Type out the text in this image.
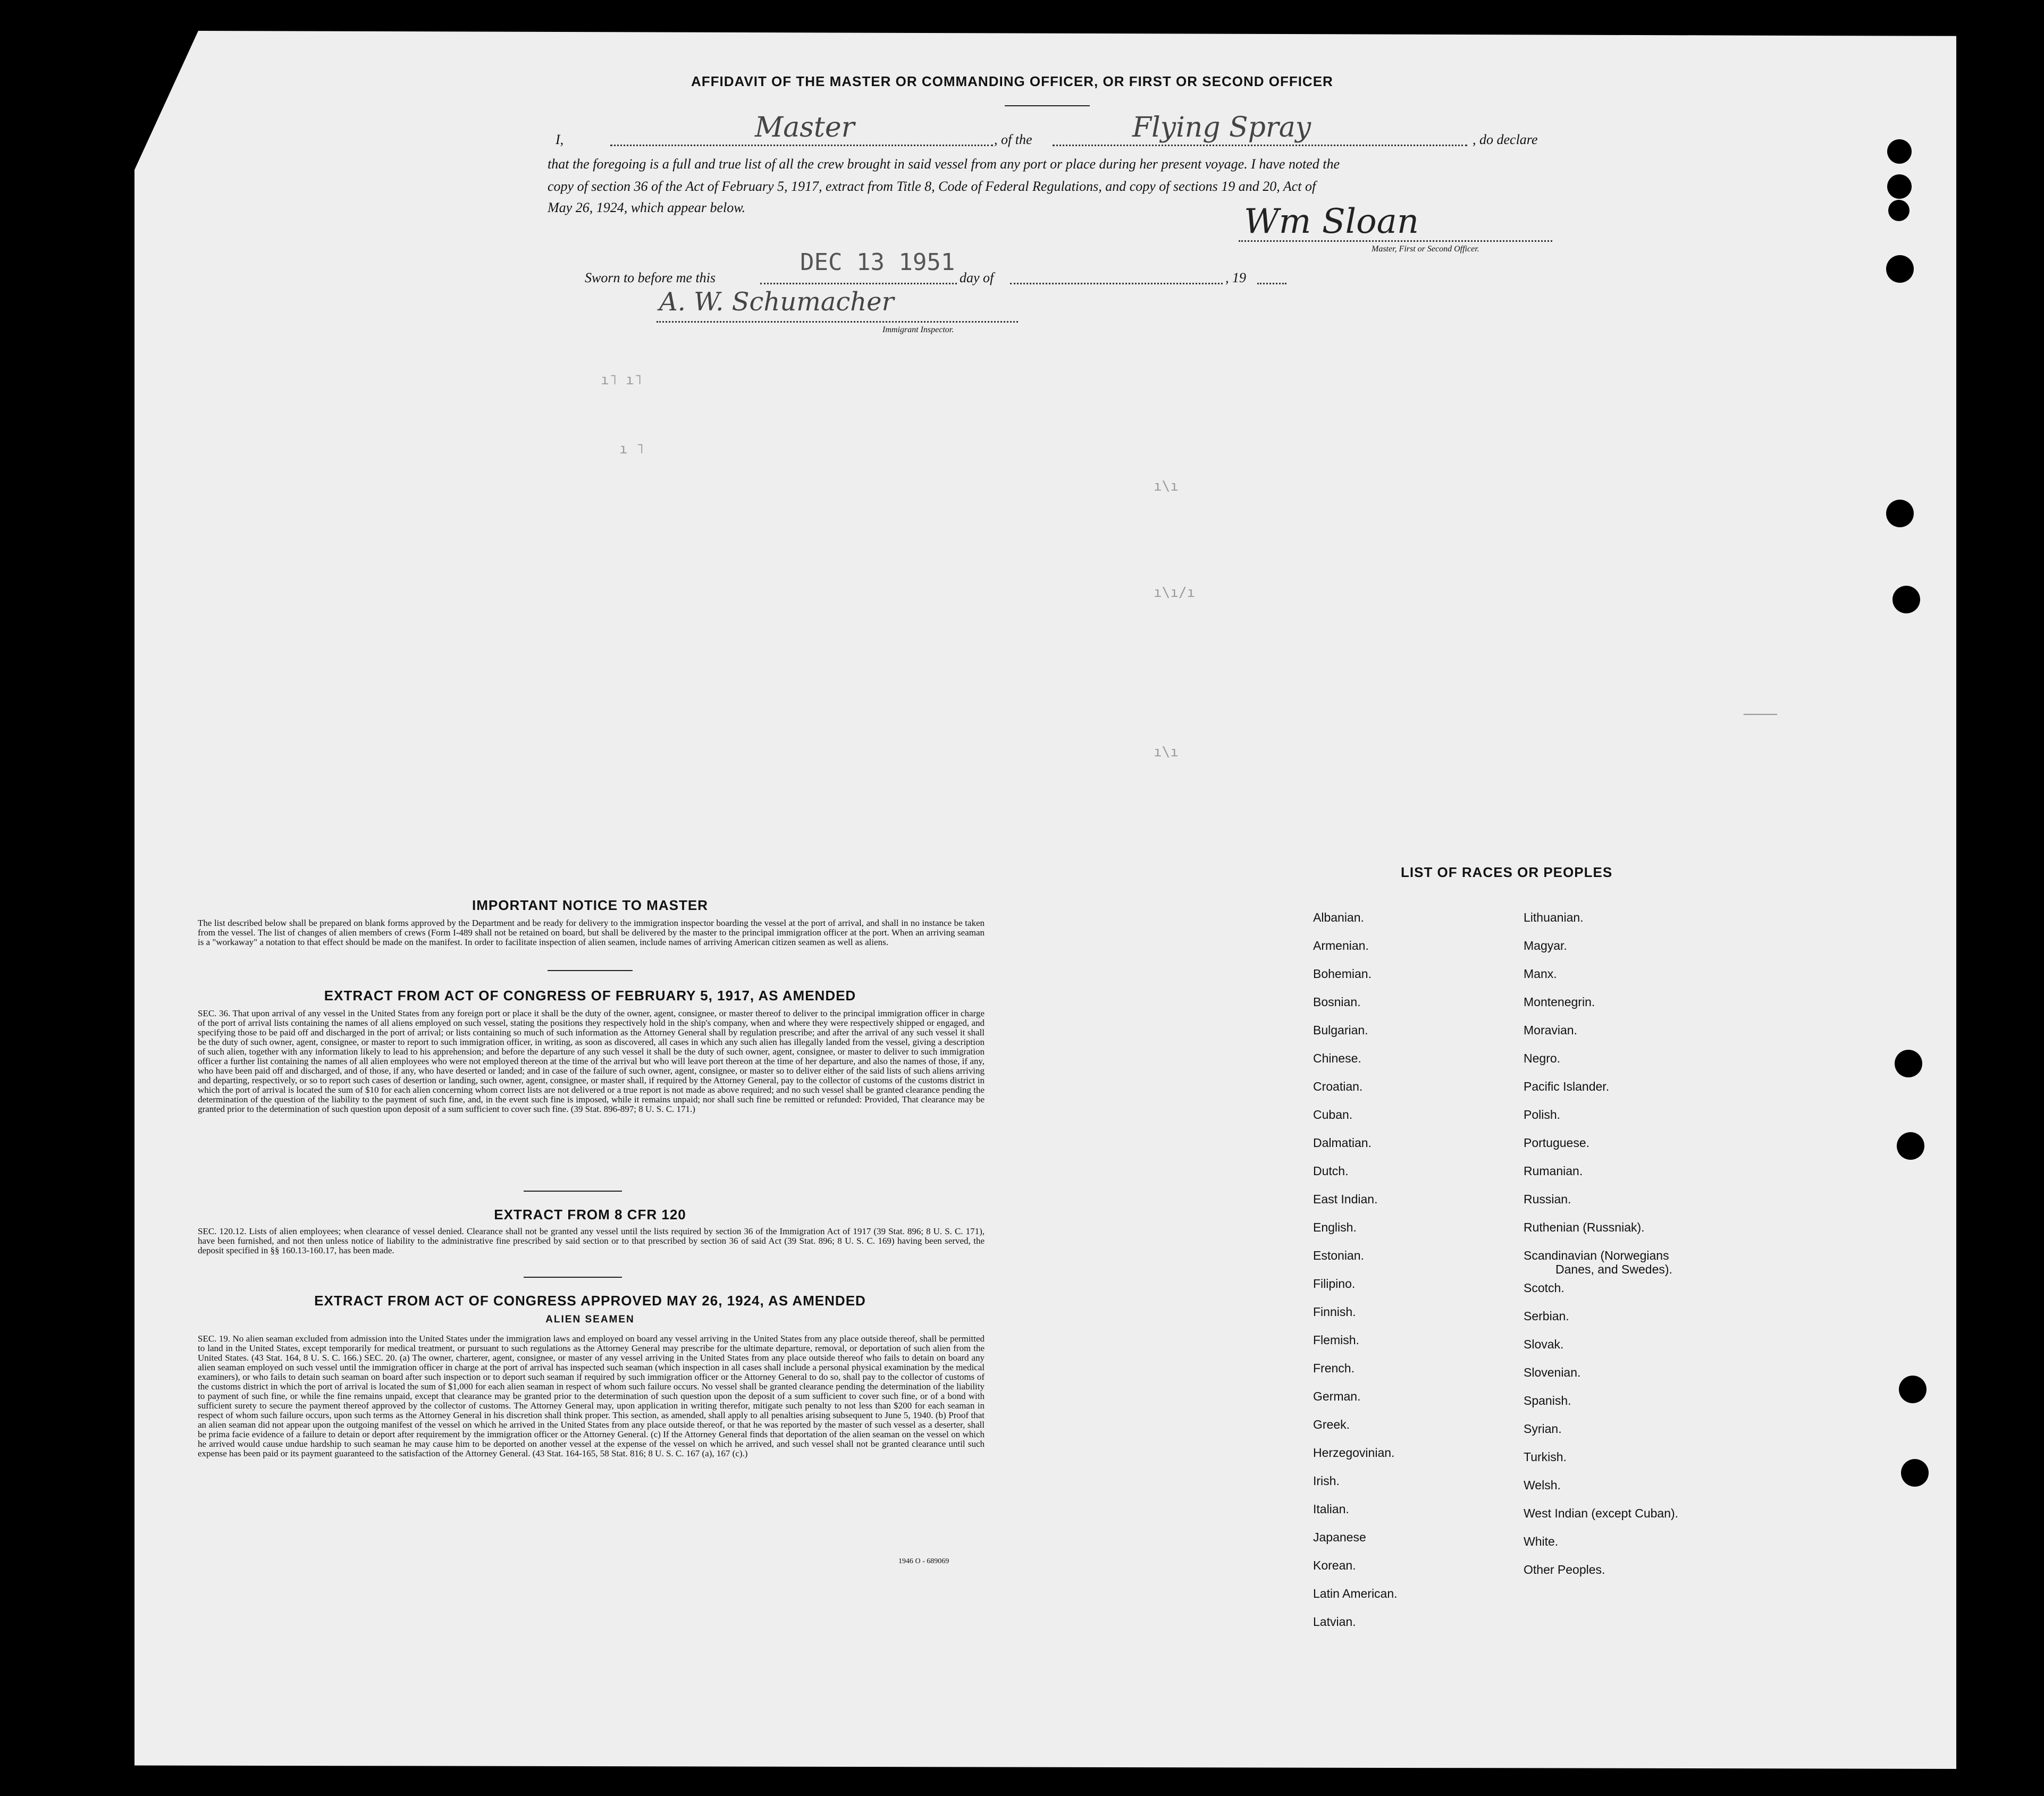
AFFIDAVIT OF THE MASTER OR COMMANDING OFFICER, OR FIRST OR SECOND OFFICER
I,	Master	, of the	Flying Spray	, do declare
that the foregoing is a full and true list of all the crew brought in said vessel from any port or place during her present voyage. I have noted the
copy of section 36 of the Act of February 5, 1917, extract from Title 8, Code of Federal Regulations, and copy of sections 19 and 20, Act of
May 26, 1924, which appear below.	Wm Sloan
Master, First or Second Officer.
Sworn to before me this
DEC 13 1951
day of	, 19
A. W. Schumacher
Immigrant Inspector.
ı˥ ı˥
ı ˥
ı\ı
ı\ı/ı
ı\ı
────
IMPORTANT NOTICE TO MASTER
The list described below shall be prepared on blank forms approved by the Department and be ready for delivery to the immigration inspector boarding the vessel at the port of arrival, and shall in no instance be taken from the vessel. The list of changes of alien members of crews (Form I-489 shall not be retained on board, but shall be delivered by the master to the principal immigration officer at the port. When an arriving seaman is a "workaway" a notation to that effect should be made on the manifest. In order to facilitate inspection of alien seamen, include names of arriving American citizen seamen as well as aliens.
EXTRACT FROM ACT OF CONGRESS OF FEBRUARY 5, 1917, AS AMENDED
SEC. 36. That upon arrival of any vessel in the United States from any foreign port or place it shall be the duty of the owner, agent, consignee, or master thereof to deliver to the principal immigration officer in charge of the port of arrival lists containing the names of all aliens employed on such vessel, stating the positions they respectively hold in the ship's company, when and where they were respectively shipped or engaged, and specifying those to be paid off and discharged in the port of arrival; or lists containing so much of such information as the Attorney General shall by regulation prescribe; and after the arrival of any such vessel it shall be the duty of such owner, agent, consignee, or master to report to such immigration officer, in writing, as soon as discovered, all cases in which any such alien has illegally landed from the vessel, giving a description of such alien, together with any information likely to lead to his apprehension; and before the departure of any such vessel it shall be the duty of such owner, agent, consignee, or master to deliver to such immigration officer a further list containing the names of all alien employees who were not employed thereon at the time of the arrival but who will leave port thereon at the time of her departure, and also the names of those, if any, who have been paid off and discharged, and of those, if any, who have deserted or landed; and in case of the failure of such owner, agent, consignee, or master so to deliver either of the said lists of such aliens arriving and departing, respectively, or so to report such cases of desertion or landing, such owner, agent, consignee, or master shall, if required by the Attorney General, pay to the collector of customs of the customs district in which the port of arrival is located the sum of $10 for each alien concerning whom correct lists are not delivered or a true report is not made as above required; and no such vessel shall be granted clearance pending the determination of the question of the liability to the payment of such fine, and, in the event such fine is imposed, while it remains unpaid; nor shall such fine be remitted or refunded: Provided, That clearance may be granted prior to the determination of such question upon deposit of a sum sufficient to cover such fine. (39 Stat. 896-897; 8 U. S. C. 171.)
EXTRACT FROM 8 CFR 120
SEC. 120.12. Lists of alien employees; when clearance of vessel denied. Clearance shall not be granted any vessel until the lists required by section 36 of the Immigration Act of 1917 (39 Stat. 896; 8 U. S. C. 171), have been furnished, and not then unless notice of liability to the administrative fine prescribed by said section or to that prescribed by section 36 of said Act (39 Stat. 896; 8 U. S. C. 169) having been served, the deposit specified in §§ 160.13-160.17, has been made.
EXTRACT FROM ACT OF CONGRESS APPROVED MAY 26, 1924, AS AMENDED
ALIEN SEAMEN
SEC. 19. No alien seaman excluded from admission into the United States under the immigration laws and employed on board any vessel arriving in the United States from any place outside thereof, shall be permitted to land in the United States, except temporarily for medical treatment, or pursuant to such regulations as the Attorney General may prescribe for the ultimate departure, removal, or deportation of such alien from the United States. (43 Stat. 164, 8 U. S. C. 166.) SEC. 20. (a) The owner, charterer, agent, consignee, or master of any vessel arriving in the United States from any place outside thereof who fails to detain on board any alien seaman employed on such vessel until the immigration officer in charge at the port of arrival has inspected such seaman (which inspection in all cases shall include a personal physical examination by the medical examiners), or who fails to detain such seaman on board after such inspection or to deport such seaman if required by such immigration officer or the Attorney General to do so, shall pay to the collector of customs of the customs district in which the port of arrival is located the sum of $1,000 for each alien seaman in respect of whom such failure occurs. No vessel shall be granted clearance pending the determination of the liability to payment of such fine, or while the fine remains unpaid, except that clearance may be granted prior to the determination of such question upon the deposit of a sum sufficient to cover such fine, or of a bond with sufficient surety to secure the payment thereof approved by the collector of customs. The Attorney General may, upon application in writing therefor, mitigate such penalty to not less than $200 for each seaman in respect of whom such failure occurs, upon such terms as the Attorney General in his discretion shall think proper. This section, as amended, shall apply to all penalties arising subsequent to June 5, 1940. (b) Proof that an alien seaman did not appear upon the outgoing manifest of the vessel on which he arrived in the United States from any place outside thereof, or that he was reported by the master of such vessel as a deserter, shall be prima facie evidence of a failure to detain or deport after requirement by the immigration officer or the Attorney General. (c) If the Attorney General finds that deportation of the alien seaman on the vessel on which he arrived would cause undue hardship to such seaman he may cause him to be deported on another vessel at the expense of the vessel on which he arrived, and such vessel shall not be granted clearance until such expense has been paid or its payment guaranteed to the satisfaction of the Attorney General. (43 Stat. 164-165, 58 Stat. 816; 8 U. S. C. 167 (a), 167 (c).)
1946 O - 689069
LIST OF RACES OR PEOPLES
Albanian.
Armenian.
Bohemian.
Bosnian.
Bulgarian.
Chinese.
Croatian.
Cuban.
Dalmatian.
Dutch.
East Indian.
English.
Estonian.
Filipino.
Finnish.
Flemish.
French.
German.
Greek.
Herzegovinian.
Irish.
Italian.
Japanese
Korean.
Latin American.
Latvian.
Lithuanian.
Magyar.
Manx.
Montenegrin.
Moravian.
Negro.
Pacific Islander.
Polish.
Portuguese.
Rumanian.
Russian.
Ruthenian (Russniak).
Scandinavian (Norwegians
Danes, and Swedes).
Scotch.
Serbian.
Slovak.
Slovenian.
Spanish.
Syrian.
Turkish.
Welsh.
West Indian (except Cuban).
White.
Other Peoples.
